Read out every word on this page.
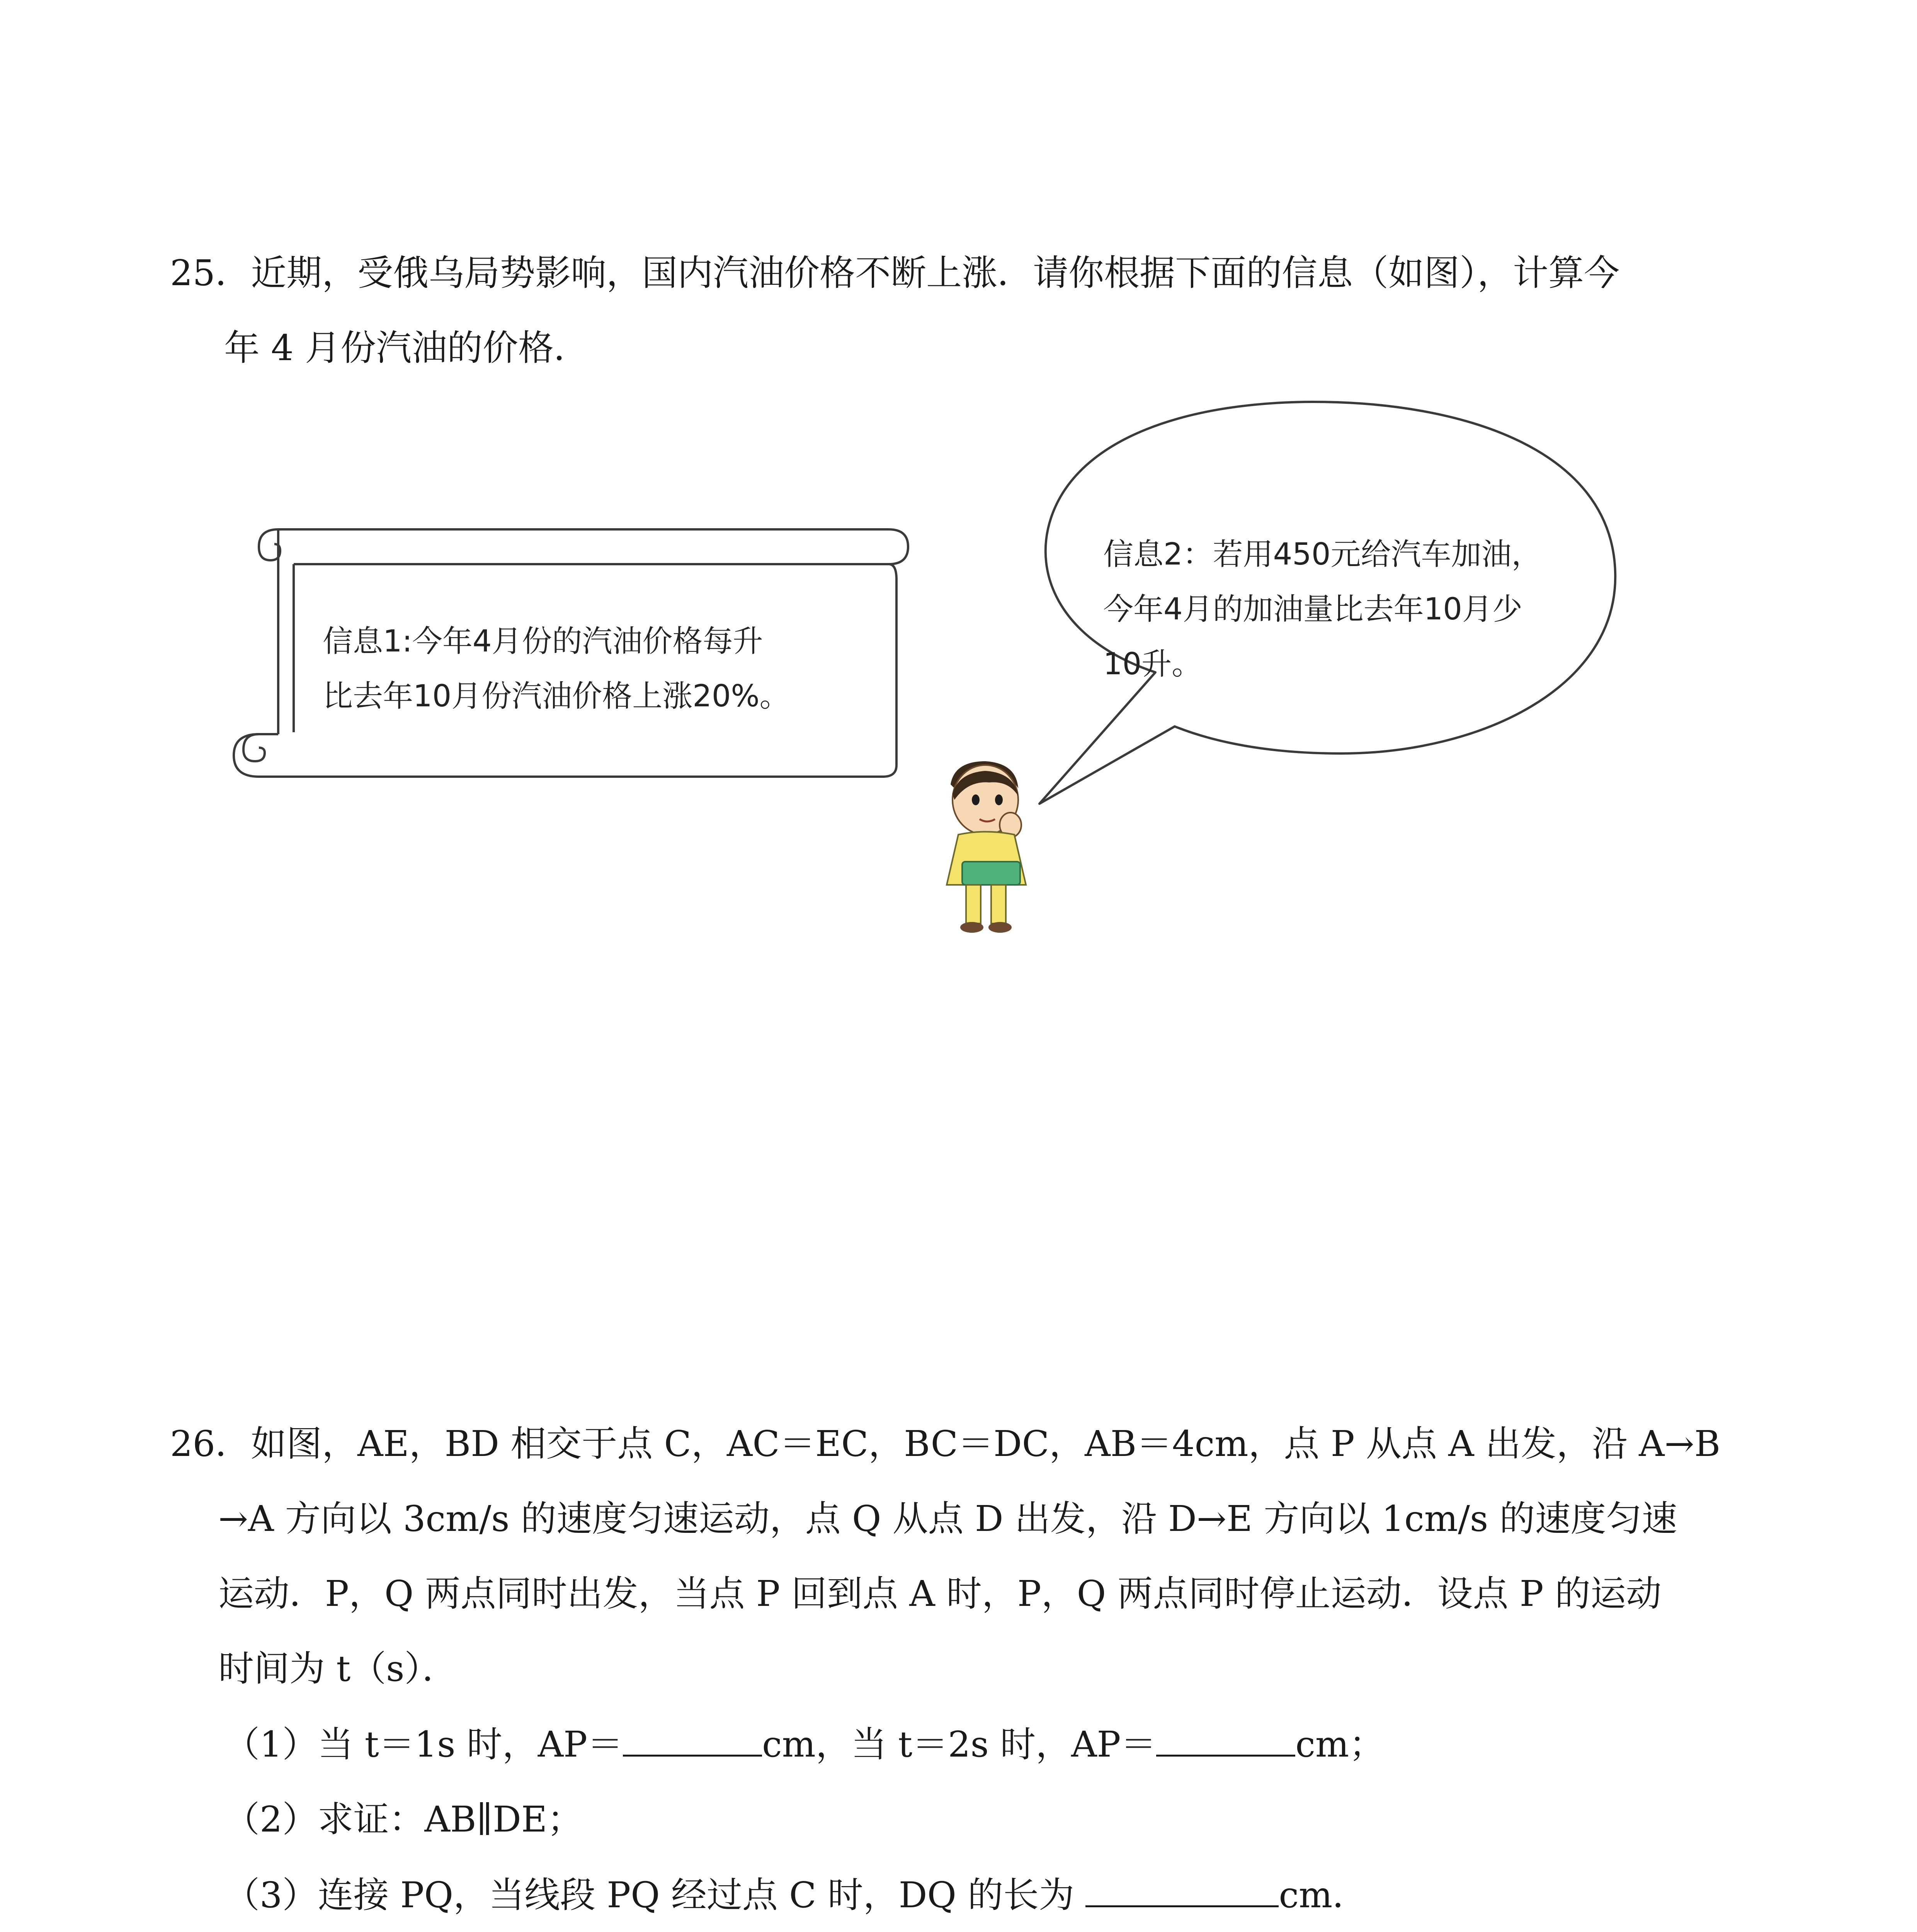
25．近期，受俄乌局势影响，国内汽油价格不断上涨．请你根据下面的信息（如图），计算今
年 4 月份汽油的价格．
信息1:今年4月份的汽油价格每升
比去年10月份汽油价格上涨20%。
信息2：若用450元给汽车加油，
今年4月的加油量比去年10月少
10升。
26．如图，AE，BD 相交于点 C，AC＝EC，BC＝DC，AB＝4cm，点 P 从点 A 出发，沿 A→B
→A 方向以 3cm/s 的速度匀速运动，点 Q 从点 D 出发，沿 D→E 方向以 1cm/s 的速度匀速
运动．P，Q 两点同时出发，当点 P 回到点 A 时，P，Q 两点同时停止运动．设点 P 的运动
时间为 t（s）．
（1）当 t＝1s 时，AP＝	cm，当 t＝2s 时，AP＝	cm；
（2）求证：AB∥DE；
（3）连接 PQ，当线段 PQ 经过点 C 时，DQ 的长为	cm．
